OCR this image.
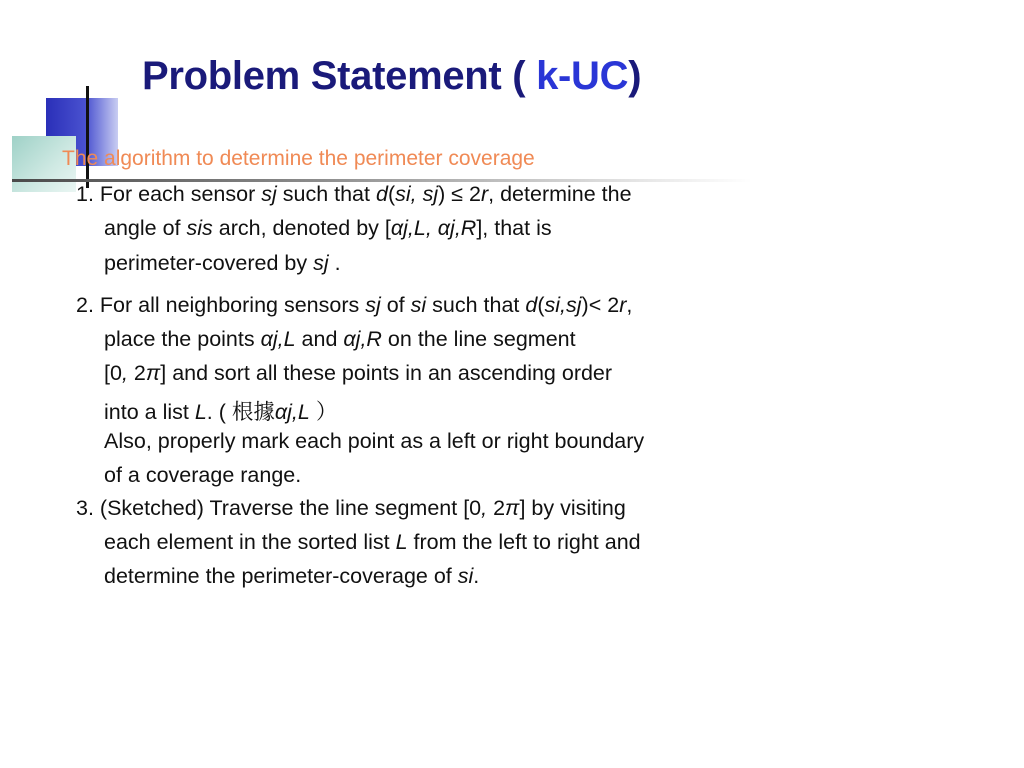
Problem Statement ( k-UC)
The algorithm to determine the perimeter coverage
1. For each sensor sj such that d(si, sj) ≤ 2r, determine the
angle of sis arch, denoted by [αj,L, αj,R], that is
perimeter-covered by sj .
2. For all neighboring sensors sj of si such that d(si,sj)< 2r,
place the points αj,L and αj,R on the line segment
[0, 2π] and sort all these points in an ascending order
into a list L. ( 根據αj,L ）
Also, properly mark each point as a left or right boundary
of a coverage range.
3. (Sketched) Traverse the line segment [0, 2π] by visiting
each element in the sorted list L from the left to right and
determine the perimeter-coverage of si.
